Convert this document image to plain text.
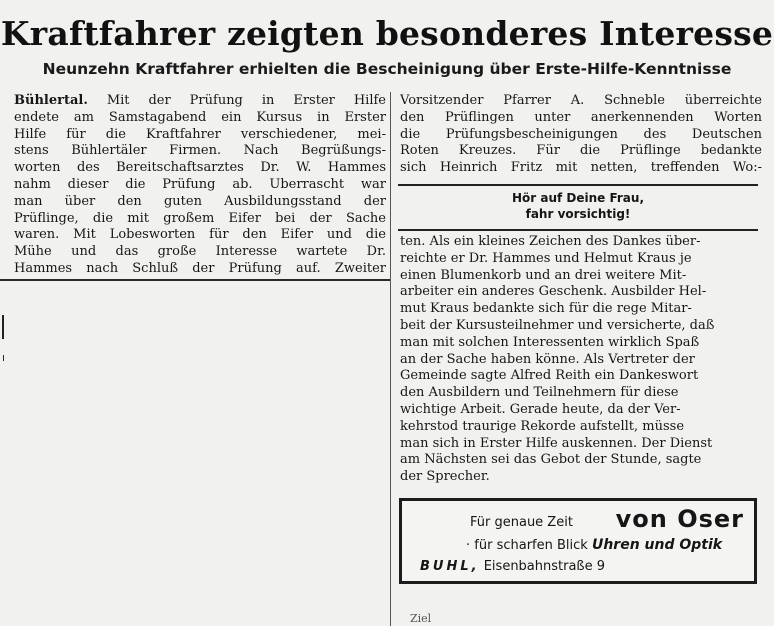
Kraftfahrer zeigten besonderes Interesse
Neunzehn Kraftfahrer erhielten die Bescheinigung über Erste-Hilfe-Kenntnisse
Bühlertal. Mit der Prüfung in Erster Hilfe
endete am Samstagabend ein Kursus in Erster
Hilfe für die Kraftfahrer verschiedener, mei-
stens Bühlertäler Firmen. Nach Begrüßungs-
worten des Bereitschaftsarztes Dr. W. Hammes
nahm dieser die Prüfung ab. Überrascht war
man über den guten Ausbildungsstand der
Prüflinge, die mit großem Eifer bei der Sache
waren. Mit Lobesworten für den Eifer und die
Mühe und das große Interesse wartete Dr.
Hammes nach Schluß der Prüfung auf. Zweiter
Vorsitzender Pfarrer A. Schneble überreichte
den Prüflingen unter anerkennenden Worten
die Prüfungsbescheinigungen des Deutschen
Roten Kreuzes. Für die Prüflinge bedankte
sich Heinrich Fritz mit netten, treffenden Wo:-
Hör auf Deine Frau,
fahr vorsichtig!
ten. Als ein kleines Zeichen des Dankes über-
reichte er Dr. Hammes und Helmut Kraus je
einen Blumenkorb und an drei weitere Mit-
arbeiter ein anderes Geschenk. Ausbilder Hel-
mut Kraus bedankte sich für die rege Mitar-
beit der Kursusteilnehmer und versicherte, daß
man mit solchen Interessenten wirklich Spaß
an der Sache haben könne. Als Vertreter der
Gemeinde sagte Alfred Reith ein Dankeswort
den Ausbildern und Teilnehmern für diese
wichtige Arbeit. Gerade heute, da der Ver-
kehrstod traurige Rekorde aufstellt, müsse
man sich in Erster Hilfe auskennen. Der Dienst
am Nächsten sei das Gebot der Stunde, sagte
der Sprecher.
Für genaue Zeit von Oser
· für scharfen Blick Uhren und Optik
BUHL, Eisenbahnstraße 9
Ziel
